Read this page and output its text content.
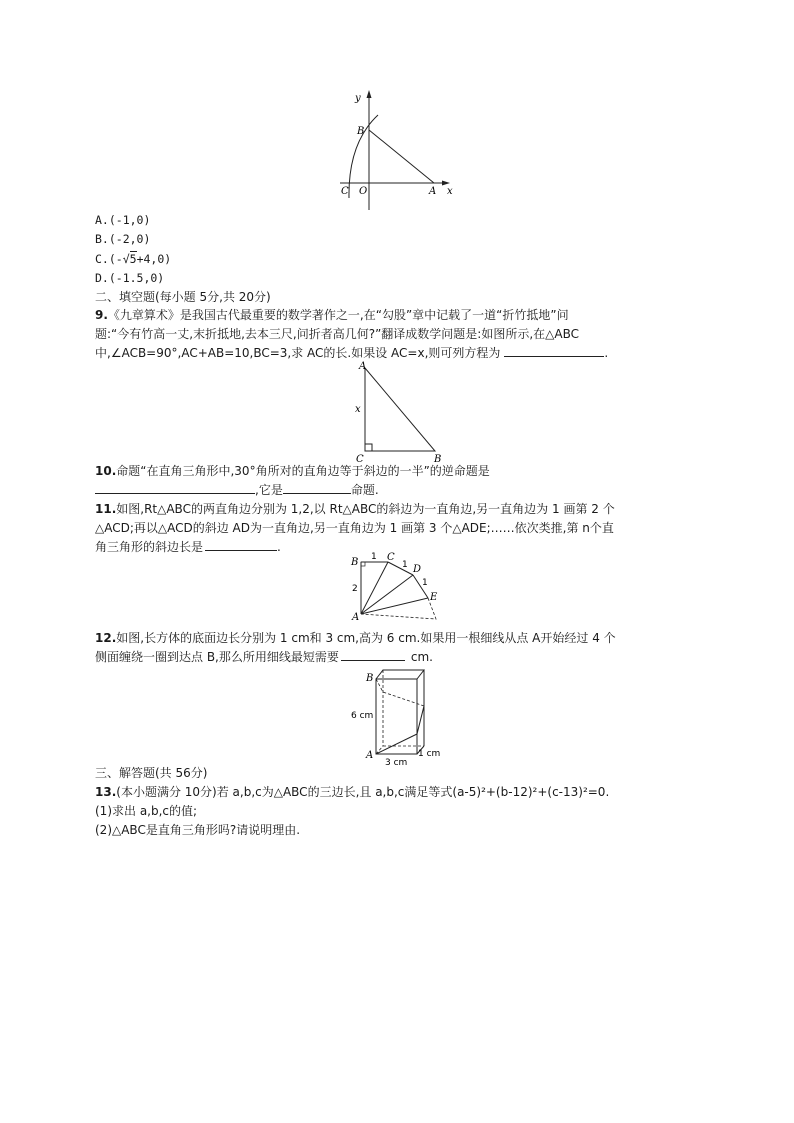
y
B
C O	A x
A.(-1,0)
B.(-2,0)
C.(-√5+4,0)
D.(-1.5,0)
二、填空题(每小题 5分,共 20分)
9.《九章算术》是我国古代最重要的数学著作之一,在“勾股”章中记载了一道“折竹抵地”问
题:“今有竹高一丈,末折抵地,去本三尺,问折者高几何?”翻译成数学问题是:如图所示,在△ABC
中,∠ACB=90°,AC+AB=10,BC=3,求 AC的长.如果设 AC=x,则可列方程为	.
A
x
C	B
10.命题“在直角三角形中,30°角所对的直角边等于斜边的一半”的逆命题是
,它是	命题.
11.如图,Rt△ABC的两直角边分别为 1,2,以 Rt△ABC的斜边为一直角边,另一直角边为 1 画第 2 个
△ACD;再以△ACD的斜边 AD为一直角边,另一直角边为 1 画第 3 个△ADE;……依次类推,第 n个直
角三角形的斜边长是	.
B	C
D
E
A
1
1
1
2
12.如图,长方体的底面边长分别为 1 cm和 3 cm,高为 6 cm.如果用一根细线从点 A开始经过 4 个
侧面缠绕一圈到达点 B,那么所用细线最短需要	cm.
B
A
6 cm
3 cm
1 cm
三、解答题(共 56分)
13.(本小题满分 10分)若 a,b,c为△ABC的三边长,且 a,b,c满足等式(a-5)²+(b-12)²+(c-13)²=0.
(1)求出 a,b,c的值;
(2)△ABC是直角三角形吗?请说明理由.
